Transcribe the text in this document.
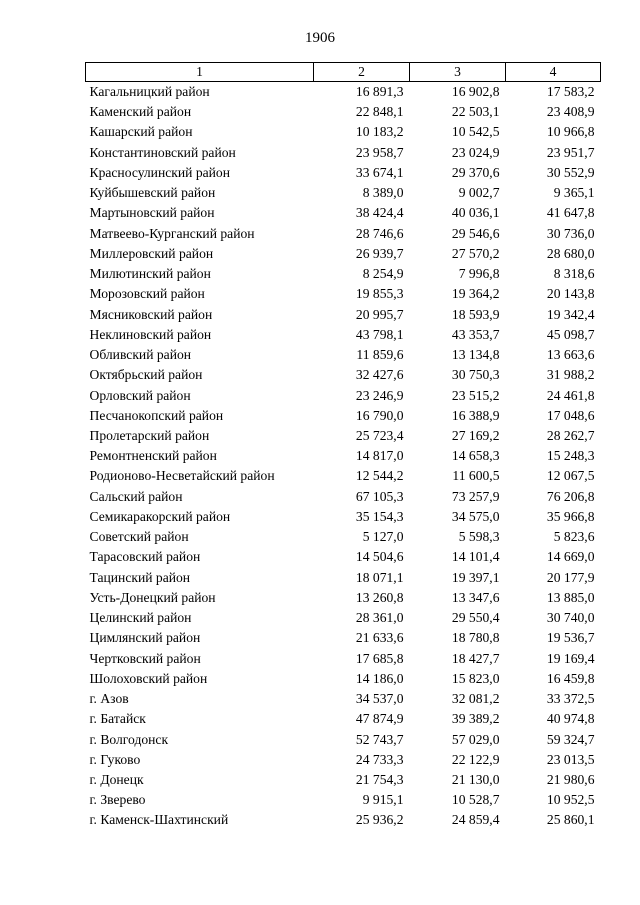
1906
1	2	3	4
Кагальницкий район	16 891,3	16 902,8	17 583,2
Каменский район	22 848,1	22 503,1	23 408,9
Кашарский район	10 183,2	10 542,5	10 966,8
Константиновский район	23 958,7	23 024,9	23 951,7
Красносулинский район	33 674,1	29 370,6	30 552,9
Куйбышевский район	8 389,0	9 002,7	9 365,1
Мартыновский район	38 424,4	40 036,1	41 647,8
Матвеево-Курганский район	28 746,6	29 546,6	30 736,0
Миллеровский район	26 939,7	27 570,2	28 680,0
Милютинский район	8 254,9	7 996,8	8 318,6
Морозовский район	19 855,3	19 364,2	20 143,8
Мясниковский район	20 995,7	18 593,9	19 342,4
Неклиновский район	43 798,1	43 353,7	45 098,7
Обливский район	11 859,6	13 134,8	13 663,6
Октябрьский район	32 427,6	30 750,3	31 988,2
Орловский район	23 246,9	23 515,2	24 461,8
Песчанокопский район	16 790,0	16 388,9	17 048,6
Пролетарский район	25 723,4	27 169,2	28 262,7
Ремонтненский район	14 817,0	14 658,3	15 248,3
Родионово-Несветайский район	12 544,2	11 600,5	12 067,5
Сальский район	67 105,3	73 257,9	76 206,8
Семикаракорский район	35 154,3	34 575,0	35 966,8
Советский район	5 127,0	5 598,3	5 823,6
Тарасовский район	14 504,6	14 101,4	14 669,0
Тацинский район	18 071,1	19 397,1	20 177,9
Усть-Донецкий район	13 260,8	13 347,6	13 885,0
Целинский район	28 361,0	29 550,4	30 740,0
Цимлянский район	21 633,6	18 780,8	19 536,7
Чертковский район	17 685,8	18 427,7	19 169,4
Шолоховский район	14 186,0	15 823,0	16 459,8
г. Азов	34 537,0	32 081,2	33 372,5
г. Батайск	47 874,9	39 389,2	40 974,8
г. Волгодонск	52 743,7	57 029,0	59 324,7
г. Гуково	24 733,3	22 122,9	23 013,5
г. Донецк	21 754,3	21 130,0	21 980,6
г. Зверево	9 915,1	10 528,7	10 952,5
г. Каменск-Шахтинский	25 936,2	24 859,4	25 860,1
